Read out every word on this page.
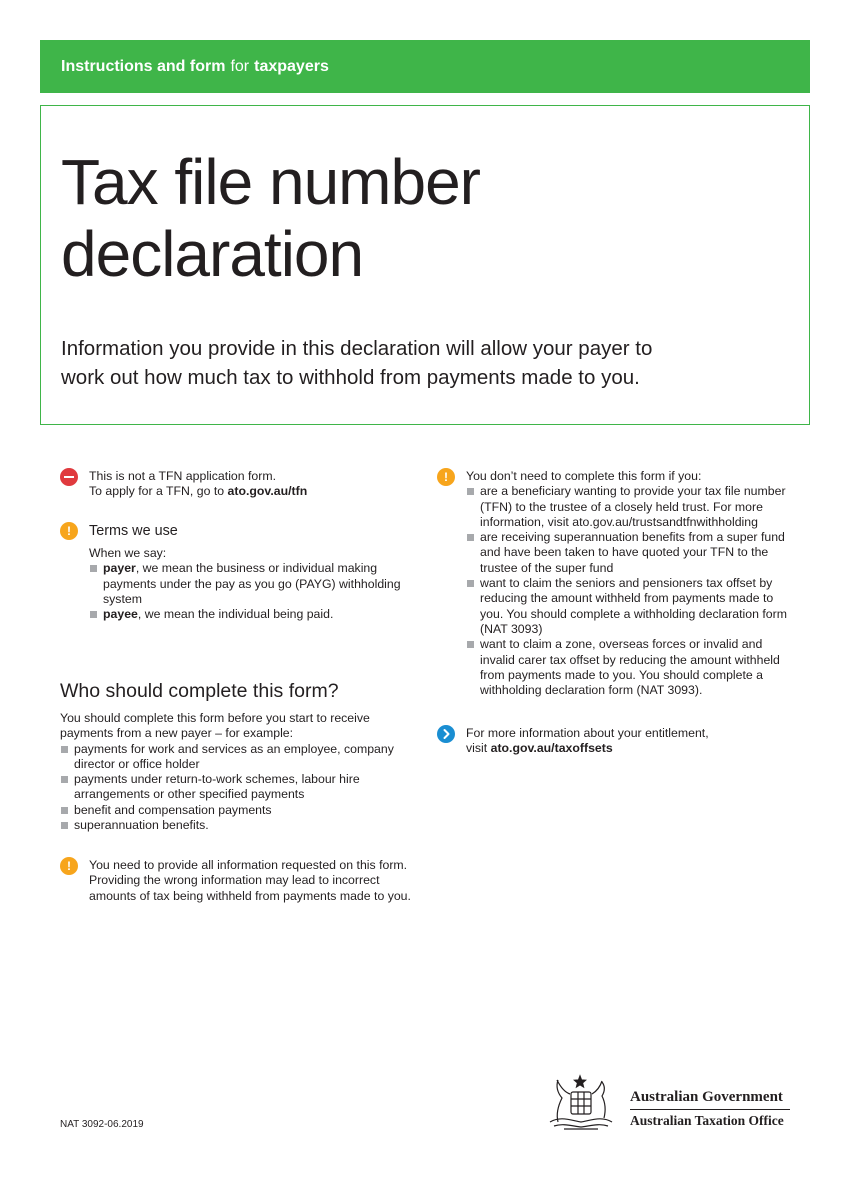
Instructions and form for taxpayers
Tax file number
declaration

Information you provide in this declaration will allow your payer to work out how much tax to withhold from payments made to you.

This is not a TFN application form.

To apply for a TFN, go to ato.gov.au/tfn

!	Terms we use

When we say:

payer, we mean the business or individual making payments under the pay as you go (PAYG) withholding system
payee, we mean the individual being paid.
Who should complete this form?

You should complete this form before you start to receive payments from a new payer – for example:

payments for work and services as an employee, company director or office holder
payments under return-to-work schemes, labour hire arrangements or other specified payments
benefit and compensation payments
superannuation benefits.
!	You need to provide all information requested on this form. Providing the wrong information may lead to incorrect amounts of tax being withheld from payments made to you.

!	You don’t need to complete this form if you:

are a beneficiary wanting to provide your tax file number (TFN) to the trustee of a closely held trust. For more information, visit ato.gov.au/trustsandtfnwithholding
are receiving superannuation benefits from a super fund and have been taken to have quoted your TFN to the trustee of the super fund
want to claim the seniors and pensioners tax offset by reducing the amount withheld from payments made to you. You should complete a withholding declaration form (NAT 3093)
want to claim a zone, overseas forces or invalid and invalid carer tax offset by reducing the amount withheld from payments made to you. You should complete a withholding declaration form (NAT 3093).

For more information about your entitlement,

visit ato.gov.au/taxoffsets

NAT 3092-06.2019
Australian Government
Australian Taxation Office
